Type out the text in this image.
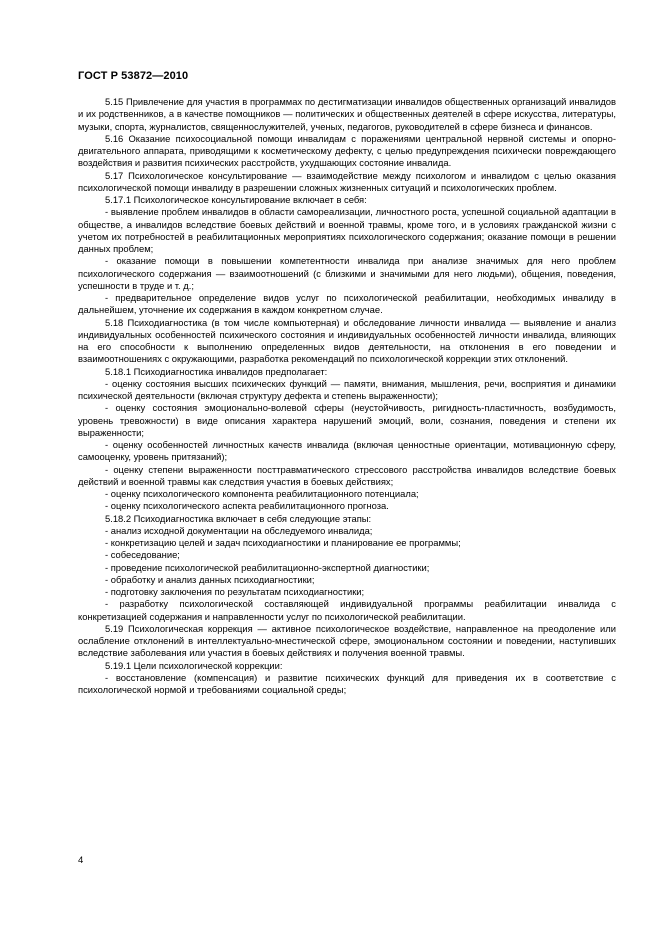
ГОСТ Р 53872—2010

5.15 Привлечение для участия в программах по дестигматизации инвалидов общественных организаций инвалидов и их родственников, а в качестве помощников — политических и общественных деятелей в сфере искусства, литературы, музыки, спорта, журналистов, священнослужителей, ученых, педагогов, руководителей в сфере бизнеса и финансов.

5.16 Оказание психосоциальной помощи инвалидам с поражениями центральной нервной системы и опорно-двигательного аппарата, приводящими к косметическому дефекту, с целью предупреждения психически повреждающего воздействия и развития психических расстройств, ухудшающих состояние инвалида.

5.17 Психологическое консультирование — взаимодействие между психологом и инвалидом с целью оказания психологической помощи инвалиду в разрешении сложных жизненных ситуаций и психологических проблем.

5.17.1 Психологическое консультирование включает в себя:

- выявление проблем инвалидов в области самореализации, личностного роста, успешной социальной адаптации в обществе, а инвалидов вследствие боевых действий и военной травмы, кроме того, и в условиях гражданской жизни с учетом их потребностей в реабилитационных мероприятиях психологического содержания; оказание помощи в решении данных проблем;

- оказание помощи в повышении компетентности инвалида при анализе значимых для него проблем психологического содержания — взаимоотношений (с близкими и значимыми для него людьми), общения, поведения, успешности в труде и т. д.;

- предварительное определение видов услуг по психологической реабилитации, необходимых инвалиду в дальнейшем, уточнение их содержания в каждом конкретном случае.

5.18 Психодиагностика (в том числе компьютерная) и обследование личности инвалида — выявление и анализ индивидуальных особенностей психического состояния и индивидуальных особенностей личности инвалида, влияющих на его способности к выполнению определенных видов деятельности, на отклонения в его поведении и взаимоотношениях с окружающими, разработка рекомендаций по психологической коррекции этих отклонений.

5.18.1 Психодиагностика инвалидов предполагает:

- оценку состояния высших психических функций — памяти, внимания, мышления, речи, восприятия и динамики психической деятельности (включая структуру дефекта и степень выраженности);

- оценку состояния эмоционально-волевой сферы (неустойчивость, ригидность-пластичность, возбудимость, уровень тревожности) в виде описания характера нарушений эмоций, воли, сознания, поведения и степени их выраженности;

- оценку особенностей личностных качеств инвалида (включая ценностные ориентации, мотивационную сферу, самооценку, уровень притязаний);

- оценку степени выраженности посттравматического стрессового расстройства инвалидов вследствие боевых действий и военной травмы как следствия участия в боевых действиях;

- оценку психологического компонента реабилитационного потенциала;

- оценку психологического аспекта реабилитационного прогноза.

5.18.2 Психодиагностика включает в себя следующие этапы:

- анализ исходной документации на обследуемого инвалида;

- конкретизацию целей и задач психодиагностики и планирование ее программы;

- собеседование;

- проведение психологической реабилитационно-экспертной диагностики;

- обработку и анализ данных психодиагностики;

- подготовку заключения по результатам психодиагностики;

- разработку психологической составляющей индивидуальной программы реабилитации инвалида с конкретизацией содержания и направленности услуг по психологической реабилитации.

5.19 Психологическая коррекция — активное психологическое воздействие, направленное на преодоление или ослабление отклонений в интеллектуально-мнестической сфере, эмоциональном состоянии и поведении, наступивших вследствие заболевания или участия в боевых действиях и получения военной травмы.

5.19.1 Цели психологической коррекции:

- восстановление (компенсация) и развитие психических функций для приведения их в соответствие с психологической нормой и требованиями социальной среды;

4
